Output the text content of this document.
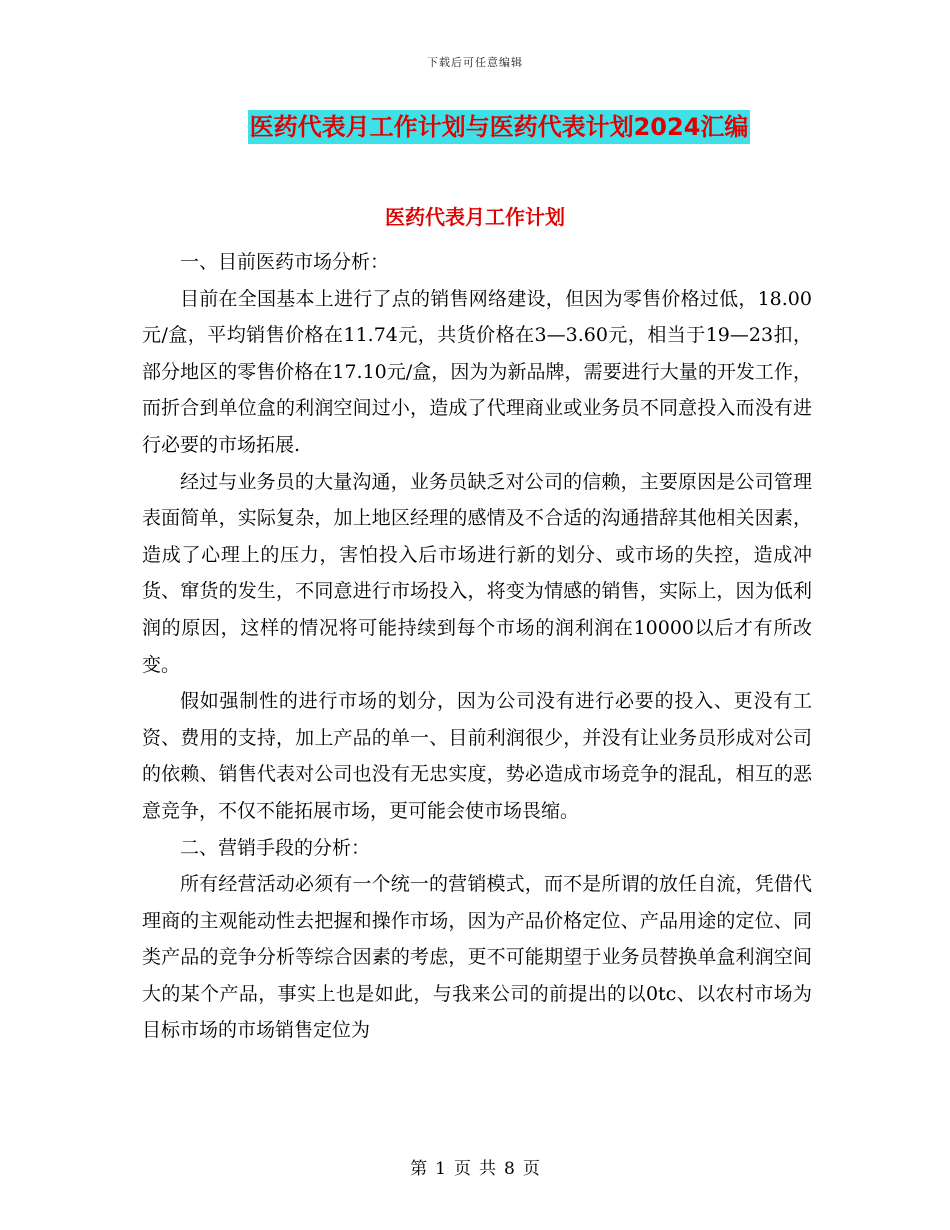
下载后可任意编辑
医药代表月工作计划与医药代表计划2024汇编
医药代表月工作计划

一、目前医药市场分析：

目前在全国基本上进行了点的销售网络建设，但因为零售价格过低，18.00元/盒，平均销售价格在11.74元，共货价格在3—3.60元，相当于19—23扣，部分地区的零售价格在17.10元/盒，因为为新品牌，需要进行大量的开发工作，而折合到单位盒的利润空间过小，造成了代理商业或业务员不同意投入而没有进行必要的市场拓展.

经过与业务员的大量沟通，业务员缺乏对公司的信赖，主要原因是公司管理表面简单，实际复杂，加上地区经理的感情及不合适的沟通措辞其他相关因素，造成了心理上的压力，害怕投入后市场进行新的划分、或市场的失控，造成冲货、窜货的发生，不同意进行市场投入，将变为情感的销售，实际上，因为低利润的原因，这样的情况将可能持续到每个市场的润利润在10000以后才有所改变。

假如强制性的进行市场的划分，因为公司没有进行必要的投入、更没有工资、费用的支持，加上产品的单一、目前利润很少，并没有让业务员形成对公司的依赖、销售代表对公司也没有无忠实度，势必造成市场竞争的混乱，相互的恶意竞争，不仅不能拓展市场，更可能会使市场畏缩。

二、营销手段的分析：

所有经营活动必须有一个统一的营销模式，而不是所谓的放任自流，凭借代理商的主观能动性去把握和操作市场，因为产品价格定位、产品用途的定位、同类产品的竞争分析等综合因素的考虑，更不可能期望于业务员替换单盒利润空间大的某个产品，事实上也是如此，与我来公司的前提出的以0tc、以农村市场为目标市场的市场销售定位为

第 1 页 共 8 页
